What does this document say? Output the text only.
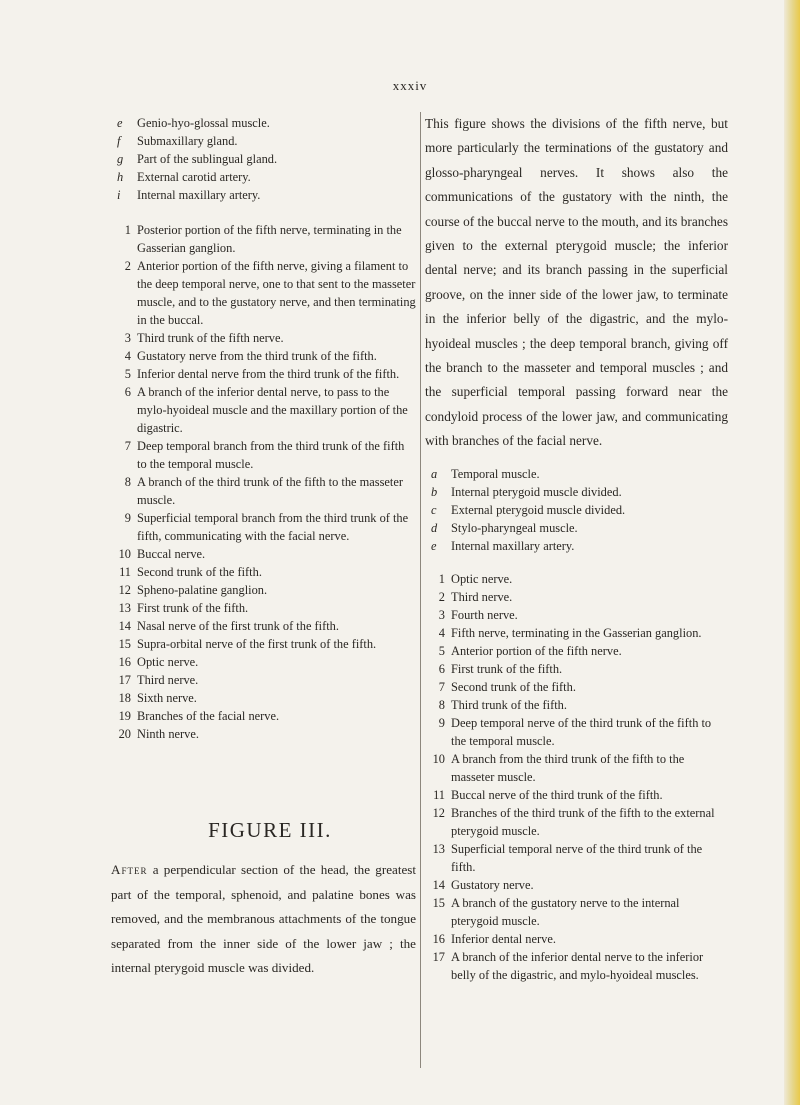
xxxiv
e Genio-hyo-glossal muscle.
f	Submaxillary gland.
g Part of the sublingual gland.
h External carotid artery.
i	Internal maxillary artery.
1 Posterior portion of the fifth nerve, terminating in the Gasserian ganglion.
2 Anterior portion of the fifth nerve, giving a filament to the deep temporal nerve, one to that sent to the masseter muscle, and to the gustatory nerve, and then terminating in the buccal.
3 Third trunk of the fifth nerve.
4 Gustatory nerve from the third trunk of the fifth.
5 Inferior dental nerve from the third trunk of the fifth.
6 A branch of the inferior dental nerve, to pass to the mylo-hyoideal muscle and the maxillary portion of the digastric.
7 Deep temporal branch from the third trunk of the fifth to the temporal muscle.
8 A branch of the third trunk of the fifth to the masseter muscle.
9 Superficial temporal branch from the third trunk of the fifth, communicating with the facial nerve.
10 Buccal nerve.
11 Second trunk of the fifth.
12 Spheno-palatine ganglion.
13 First trunk of the fifth.
14 Nasal nerve of the first trunk of the fifth.
15 Supra-orbital nerve of the first trunk of the fifth.
16 Optic nerve.
17 Third nerve.
18 Sixth nerve.
19 Branches of the facial nerve.
20 Ninth nerve.
FIGURE III.

After a perpendicular section of the head, the greatest part of the temporal, sphenoid, and palatine bones was removed, and the membranous attachments of the tongue separated from the inner side of the lower jaw ; the internal pterygoid muscle was divided.

This figure shows the divisions of the fifth nerve, but more particularly the terminations of the gustatory and glosso-pharyngeal nerves. It shows also the communications of the gustatory with the ninth, the course of the buccal nerve to the mouth, and its branches given to the external pterygoid muscle; the inferior dental nerve; and its branch passing in the superficial groove, on the inner side of the lower jaw, to terminate in the inferior belly of the digastric, and the mylo-hyoideal muscles ; the deep temporal branch, giving off the branch to the masseter and temporal muscles ; and the superficial temporal passing forward near the condyloid process of the lower jaw, and communicating with branches of the facial nerve.

a Temporal muscle.
b Internal pterygoid muscle divided.
c External pterygoid muscle divided.
d Stylo-pharyngeal muscle.
e Internal maxillary artery.
1 Optic nerve.
2 Third nerve.
3 Fourth nerve.
4 Fifth nerve, terminating in the Gasserian ganglion.
5 Anterior portion of the fifth nerve.
6 First trunk of the fifth.
7 Second trunk of the fifth.
8 Third trunk of the fifth.
9 Deep temporal nerve of the third trunk of the fifth to the temporal muscle.
10 A branch from the third trunk of the fifth to the masseter muscle.
11 Buccal nerve of the third trunk of the fifth.
12 Branches of the third trunk of the fifth to the external pterygoid muscle.
13 Superficial temporal nerve of the third trunk of the fifth.
14 Gustatory nerve.
15 A branch of the gustatory nerve to the internal pterygoid muscle.
16 Inferior dental nerve.
17 A branch of the inferior dental nerve to the inferior belly of the digastric, and mylo-hyoideal muscles.
